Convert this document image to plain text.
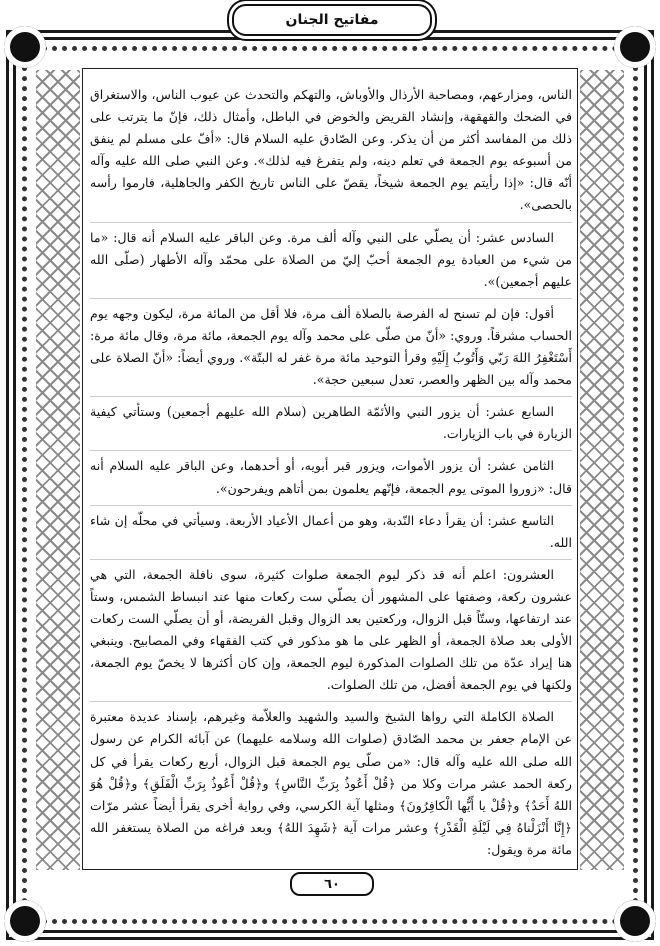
مفاتيح الجنان

الناس، ومزارعهم، ومصاحبة الأرذال والأوباش، والتهكم والتحدث عن عيوب الناس، والاستغراق في الضحك والقهقهة، وإنشاد القريض والخوض في الباطل، وأمثال ذلك، فإنّ ما يترتب على ذلك من المفاسد أكثر من أن يذكر. وعن الصّادق عليه السلام قال: «أفّ على مسلم لم ينفق من أسبوعه يوم الجمعة في تعلم دينه، ولم يتفرغ فيه لذلك». وعن النبي صلى الله عليه وآله أنّه قال: «إذا رأيتم يوم الجمعة شيخاً، يقصّ على الناس تاريخ الكفر والجاهلية، فارموا رأسه بالحصى».

السادس عشر: أن يصلّي على النبي وآله ألف مرة. وعن الباقر عليه السلام أنه قال: «ما من شيء من العبادة يوم الجمعة أحبّ إليّ من الصلاة على محمّد وآله الأطهار (صلّى الله عليهم أجمعين)».

أقول: فإن لم تسنح له الفرصة بالصلاة ألف مرة، فلا أقل من المائة مرة، ليكون وجهه يوم الحساب مشرقاً. وروي: «أنّ من صلّى على محمد وآله يوم الجمعة، مائة مرة، وقال مائة مرة: أَسْتَغْفِرُ اللهَ رَبّي وَأَتُوبُ إِلَيْهِ وقرأ التوحيد مائة مرة غفر له البتّة». وروي أيضاً: «أنّ الصلاة على محمد وآله بين الظهر والعصر، تعدل سبعين حجة».

السابع عشر: أن يزور النبي والأئمّة الطاهرين (سلام الله عليهم أجمعين) وستأتي كيفية الزيارة في باب الزيارات.

الثامن عشر: أن يزور الأموات، ويزور قبر أبويه، أو أحدهما، وعن الباقر عليه السلام أنه قال: «زوروا الموتى يوم الجمعة، فإنّهم يعلمون بمن أتاهم ويفرحون».

التاسع عشر: أن يقرأ دعاء النّدبة، وهو من أعمال الأعياد الأربعة. وسيأتي في محلّه إن شاء الله.

العشرون: اعلم أنه قد ذكر ليوم الجمعة صلوات كثيرة، سوى نافلة الجمعة، التي هي عشرون ركعة، وصفتها على المشهور أن يصلّي ست ركعات منها عند انبساط الشمس، وستاً عند ارتفاعها، وستّاً قبل الزوال، وركعتين بعد الزوال وقبل الفريضة، أو أن يصلّي الست ركعات الأولى بعد صلاة الجمعة، أو الظهر على ما هو مذكور في كتب الفقهاء وفي المصابيح. وينبغي هنا إيراد عدّة من تلك الصلوات المذكورة ليوم الجمعة، وإن كان أكثرها لا يخصّ يوم الجمعة، ولكنها في يوم الجمعة أفضل، من تلك الصلوات.

الصلاة الكاملة التي رواها الشيخ والسيد والشهيد والعلاّمة وغيرهم، بإسناد عديدة معتبرة عن الإمام جعفر بن محمد الصّادق (صلوات الله وسلامه عليهما) عن آبائه الكرام عن رسول الله صلى الله عليه وآله قال: «من صلّى يوم الجمعة قبل الزوال، أربع ركعات يقرأ في كل ركعة الحمد عشر مرات وكلا من ﴿قُلْ أَعُوذُ بِرَبِّ النَّاسِ﴾ و﴿قُلْ أَعُوذُ بِرَبِّ الْفَلَقِ﴾ و﴿قُلْ هُوَ اللهُ أَحَدٌ﴾ و﴿قُلْ يا أَيُّها الْكافِرُونَ﴾ ومثلها آية الكرسي، وفي رواية أخرى يقرأ أيضاً عشر مرّات ﴿إِنَّا أَنْزَلْناهُ فِي لَيْلَةِ الْقَدْرِ﴾ وعشر مرات آية ﴿شَهِدَ اللهُ﴾ وبعد فراغه من الصلاة يستغفر الله مائة مرة ويقول:

٦٠
